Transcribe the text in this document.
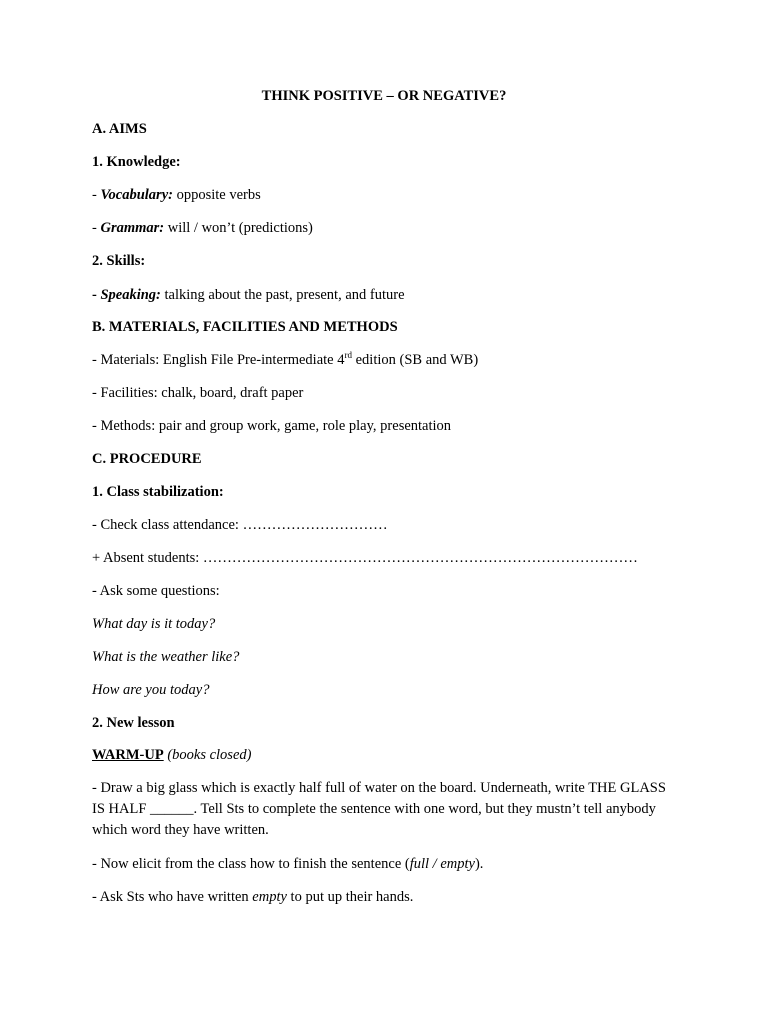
THINK POSITIVE – OR NEGATIVE?
A. AIMS
1. Knowledge:
- Vocabulary: opposite verbs
- Grammar: will / won’t (predictions)
2. Skills:
- Speaking: talking about the past, present, and future
B. MATERIALS, FACILITIES AND METHODS
- Materials: English File Pre-intermediate 4rd edition (SB and WB)
- Facilities: chalk, board, draft paper
- Methods: pair and group work, game, role play, presentation
C. PROCEDURE
1. Class stabilization:
- Check class attendance: …………………………
+ Absent students: ………………………………………………………………………………
- Ask some questions:
What day is it today?
What is the weather like?
How are you today?
2. New lesson
WARM-UP (books closed)
- Draw a big glass which is exactly half full of water on the board. Underneath, write THE GLASS IS HALF ______. Tell Sts to complete the sentence with one word, but they mustn’t tell anybody which word they have written.
- Now elicit from the class how to finish the sentence (full / empty).
- Ask Sts who have written empty to put up their hands.
